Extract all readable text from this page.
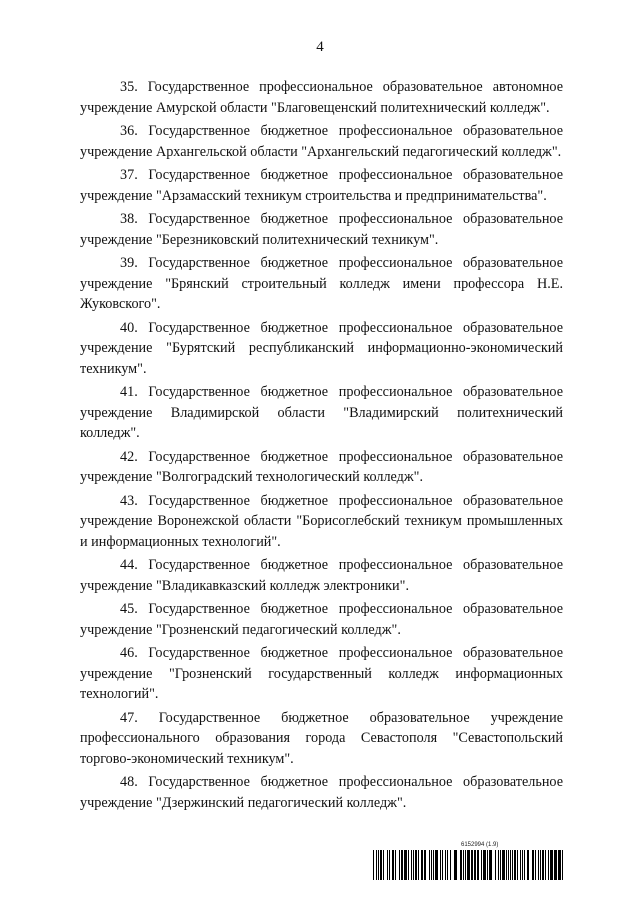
4

35. Государственное профессиональное образовательное автономное учреждение Амурской области "Благовещенский политехнический колледж".

36. Государственное бюджетное профессиональное образовательное учреждение Архангельской области "Архангельский педагогический колледж".

37. Государственное бюджетное профессиональное образовательное учреждение "Арзамасский техникум строительства и предпринимательства".

38. Государственное бюджетное профессиональное образовательное учреждение "Березниковский политехнический техникум".

39. Государственное бюджетное профессиональное образовательное учреждение "Брянский строительный колледж имени профессора Н.Е. Жуковского".

40. Государственное бюджетное профессиональное образовательное учреждение "Бурятский республиканский информационно-экономический техникум".

41. Государственное бюджетное профессиональное образовательное учреждение Владимирской области "Владимирский политехнический колледж".

42. Государственное бюджетное профессиональное образовательное учреждение "Волгоградский технологический колледж".

43. Государственное бюджетное профессиональное образовательное учреждение Воронежской области "Борисоглебский техникум промышленных и информационных технологий".

44. Государственное бюджетное профессиональное образовательное учреждение "Владикавказский колледж электроники".

45. Государственное бюджетное профессиональное образовательное учреждение "Грозненский педагогический колледж".

46. Государственное бюджетное профессиональное образовательное учреждение "Грозненский государственный колледж информационных технологий".

47. Государственное бюджетное образовательное учреждение профессионального образования города Севастополя "Севастопольский торгово-экономический техникум".

48. Государственное бюджетное профессиональное образовательное учреждение "Дзержинский педагогический колледж".

6152994 (1.9)
